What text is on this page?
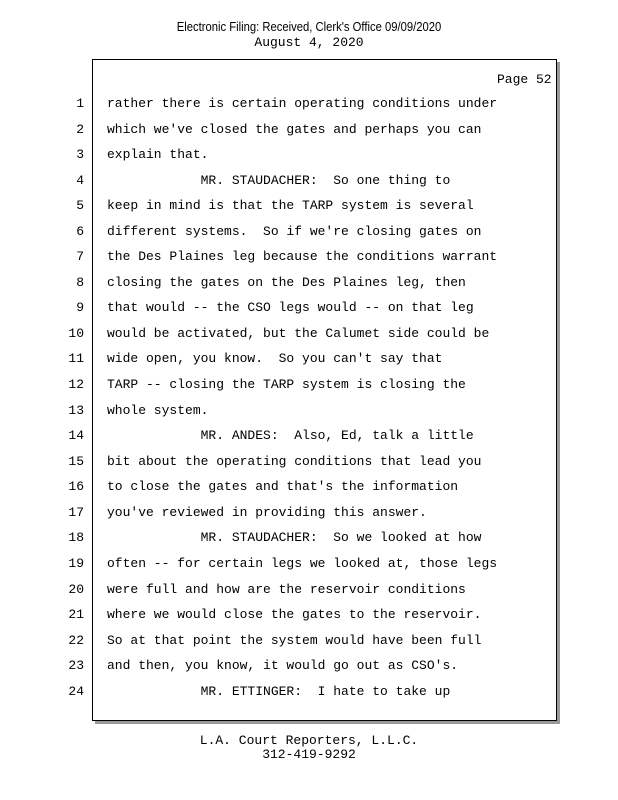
Electronic Filing: Received, Clerk's Office 09/09/2020
August 4, 2020
Page 52
1 rather there is certain operating conditions under
2 which we've closed the gates and perhaps you can
3 explain that.
4 MR. STAUDACHER:  So one thing to
5 keep in mind is that the TARP system is several
6 different systems.  So if we're closing gates on
7 the Des Plaines leg because the conditions warrant
8 closing the gates on the Des Plaines leg, then
9 that would -- the CSO legs would -- on that leg
10 would be activated, but the Calumet side could be
11 wide open, you know.  So you can't say that
12 TARP -- closing the TARP system is closing the
13 whole system.
14 MR. ANDES:  Also, Ed, talk a little
15 bit about the operating conditions that lead you
16 to close the gates and that's the information
17 you've reviewed in providing this answer.
18 MR. STAUDACHER:  So we looked at how
19 often -- for certain legs we looked at, those legs
20 were full and how are the reservoir conditions
21 where we would close the gates to the reservoir.
22 So at that point the system would have been full
23 and then, you know, it would go out as CSO's.
24 MR. ETTINGER:  I hate to take up
L.A. Court Reporters, L.L.C.
312-419-9292
